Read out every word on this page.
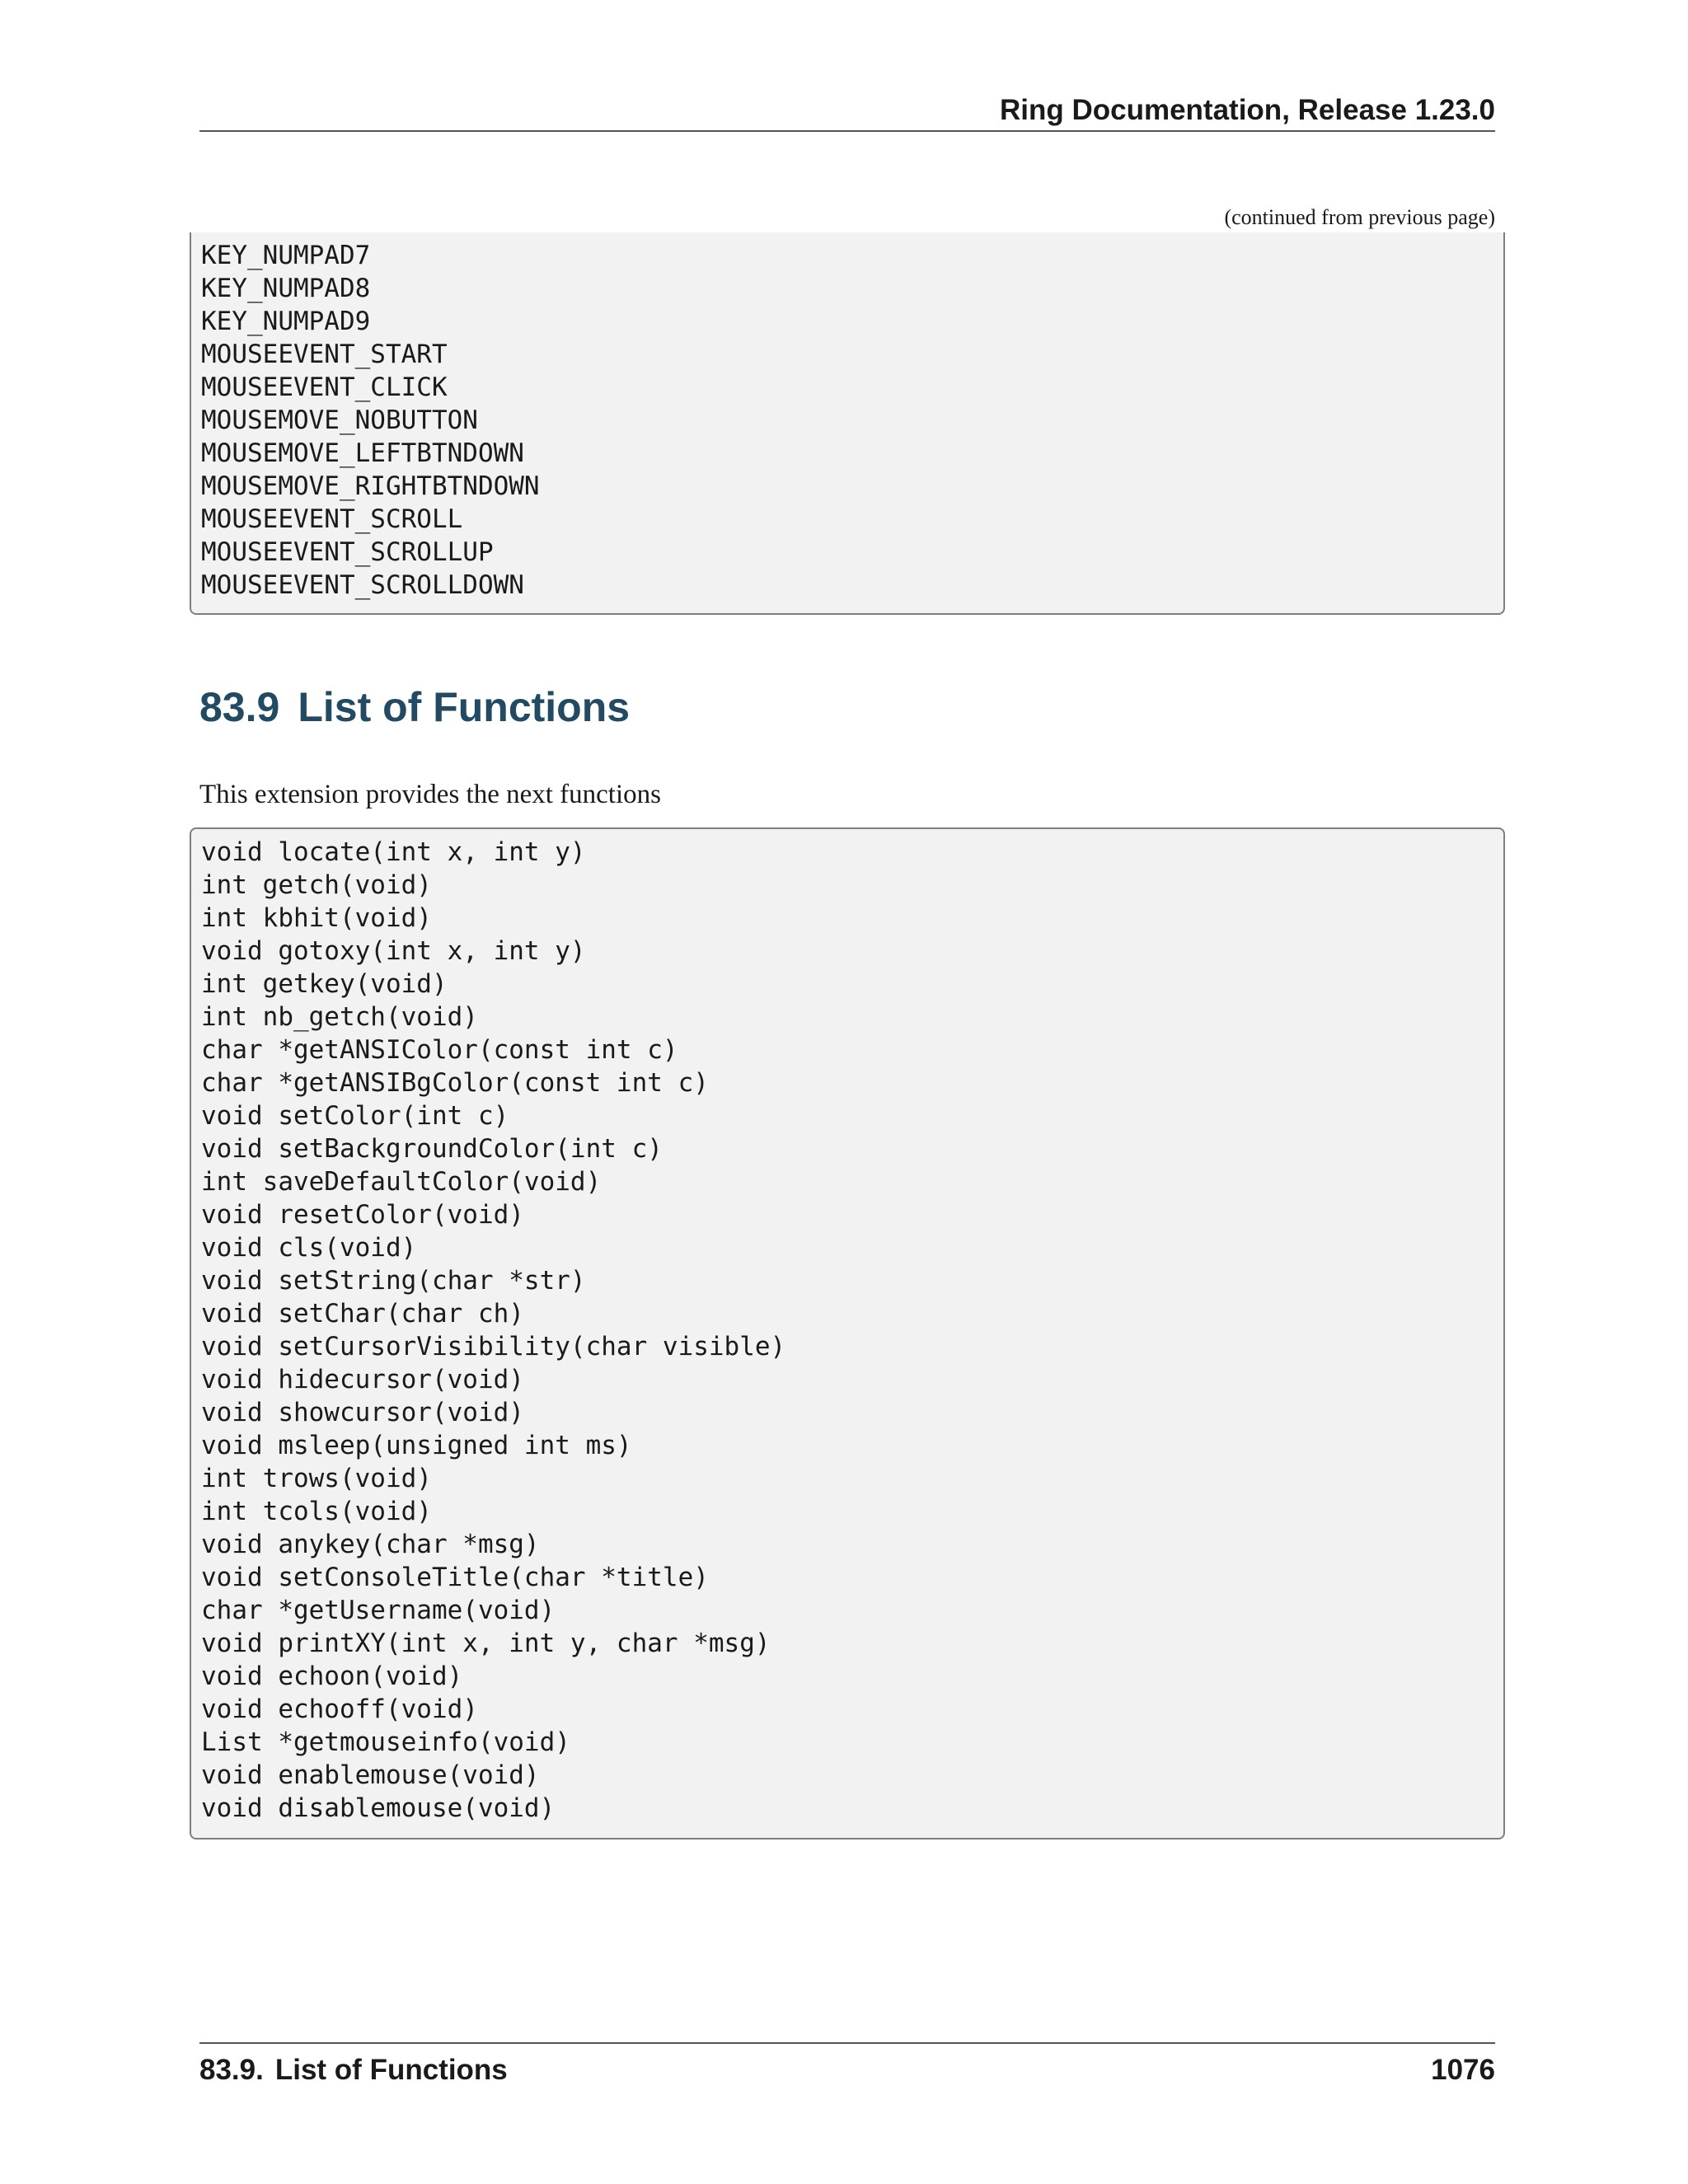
Ring Documentation, Release 1.23.0
(continued from previous page)
KEY_NUMPAD7
KEY_NUMPAD8
KEY_NUMPAD9
MOUSEEVENT_START
MOUSEEVENT_CLICK
MOUSEMOVE_NOBUTTON
MOUSEMOVE_LEFTBTNDOWN
MOUSEMOVE_RIGHTBTNDOWN
MOUSEEVENT_SCROLL
MOUSEEVENT_SCROLLUP
MOUSEEVENT_SCROLLDOWN
83.9 List of Functions

This extension provides the next functions

void locate(int x, int y)
int getch(void)
int kbhit(void)
void gotoxy(int x, int y)
int getkey(void)
int nb_getch(void)
char *getANSIColor(const int c)
char *getANSIBgColor(const int c)
void setColor(int c)
void setBackgroundColor(int c)
int saveDefaultColor(void)
void resetColor(void)
void cls(void)
void setString(char *str)
void setChar(char ch)
void setCursorVisibility(char visible)
void hidecursor(void)
void showcursor(void)
void msleep(unsigned int ms)
int trows(void)
int tcols(void)
void anykey(char *msg)
void setConsoleTitle(char *title)
char *getUsername(void)
void printXY(int x, int y, char *msg)
void echoon(void)
void echooff(void)
List *getmouseinfo(void)
void enablemouse(void)
void disablemouse(void)
83.9. List of Functions	1076
